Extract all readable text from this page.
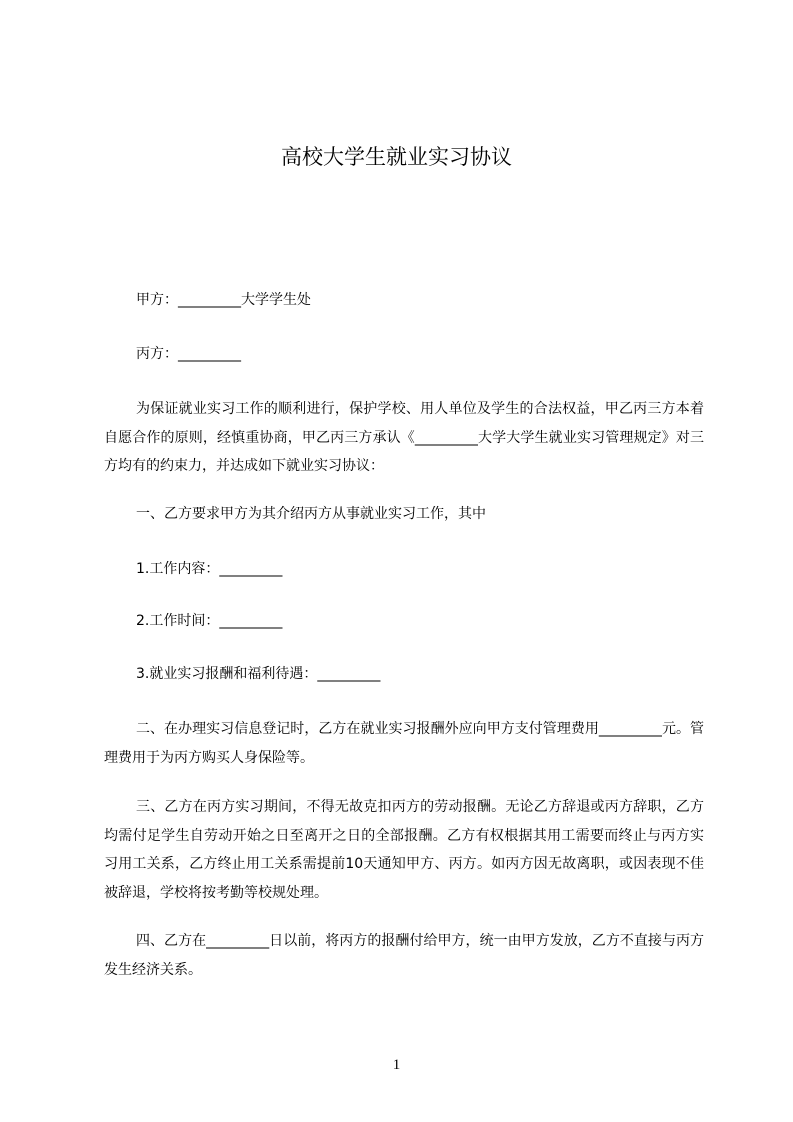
高校大学生就业实习协议
甲方：_________大学学生处
丙方：_________
为保证就业实习工作的顺利进行，保护学校、用人单位及学生的合法权益，甲乙丙三方本着自愿合作的原则，经慎重协商，甲乙丙三方承认《_________大学大学生就业实习管理规定》对三方均有的约束力，并达成如下就业实习协议：
一、乙方要求甲方为其介绍丙方从事就业实习工作，其中
1.工作内容：_________
2.工作时间：_________
3.就业实习报酬和福利待遇：_________
二、在办理实习信息登记时，乙方在就业实习报酬外应向甲方支付管理费用_________元。管理费用于为丙方购买人身保险等。
三、乙方在丙方实习期间，不得无故克扣丙方的劳动报酬。无论乙方辞退或丙方辞职，乙方均需付足学生自劳动开始之日至离开之日的全部报酬。乙方有权根据其用工需要而终止与丙方实习用工关系，乙方终止用工关系需提前10天通知甲方、丙方。如丙方因无故离职，或因表现不佳被辞退，学校将按考勤等校规处理。
四、乙方在_________日以前，将丙方的报酬付给甲方，统一由甲方发放，乙方不直接与丙方发生经济关系。
1
